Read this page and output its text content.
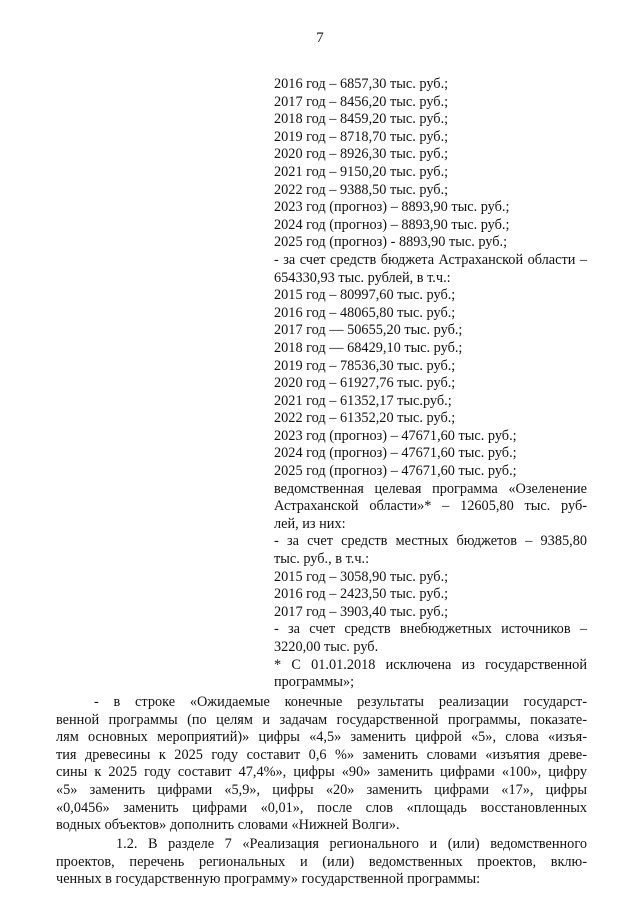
7
2016 год – 6857,30 тыс. руб.;
2017 год – 8456,20 тыс. руб.;
2018 год – 8459,20 тыс. руб.;
2019 год – 8718,70 тыс. руб.;
2020 год – 8926,30 тыс. руб.;
2021 год – 9150,20 тыс. руб.;
2022 год – 9388,50 тыс. руб.;
2023 год (прогноз) – 8893,90 тыс. руб.;
2024 год (прогноз) – 8893,90 тыс. руб.;
2025 год (прогноз) - 8893,90 тыс. руб.;
- за счет средств бюджета Астраханской области –
654330,93 тыс. рублей, в т.ч.:
2015 год – 80997,60 тыс. руб.;
2016 год – 48065,80 тыс. руб.;
2017 год — 50655,20 тыс. руб.;
2018 год — 68429,10 тыс. руб.;
2019 год – 78536,30 тыс. руб.;
2020 год – 61927,76 тыс. руб.;
2021 год – 61352,17 тыс.руб.;
2022 год – 61352,20 тыс. руб.;
2023 год (прогноз) – 47671,60 тыс. руб.;
2024 год (прогноз) – 47671,60 тыс. руб.;
2025 год (прогноз) – 47671,60 тыс. руб.;
ведомственная целевая программа «Озеленение
Астраханской области»* – 12605,80 тыс. руб-
лей, из них:
- за счет средств местных бюджетов – 9385,80
тыс. руб., в т.ч.:
2015 год – 3058,90 тыс. руб.;
2016 год – 2423,50 тыс. руб.;
2017 год – 3903,40 тыс. руб.;
- за счет средств внебюджетных источников –
3220,00 тыс. руб.
* С 01.01.2018 исключена из государственной
программы»;
- в строке «Ожидаемые конечные результаты реализации государст-
венной программы (по целям и задачам государственной программы, показате-
лям основных мероприятий)» цифры «4,5» заменить цифрой «5», слова «изъя-
тия древесины к 2025 году составит 0,6 %» заменить словами «изъятия древе-
сины к 2025 году составит 47,4%», цифры «90» заменить цифрами «100», цифру
«5» заменить цифрами «5,9», цифры «20» заменить цифрами «17», цифры
«0,0456» заменить цифрами «0,01», после слов «площадь восстановленных
водных объектов» дополнить словами «Нижней Волги».
1.2. В разделе 7 «Реализация регионального и (или) ведомственного
проектов, перечень региональных и (или) ведомственных проектов, вклю-
ченных в государственную программу» государственной программы:
